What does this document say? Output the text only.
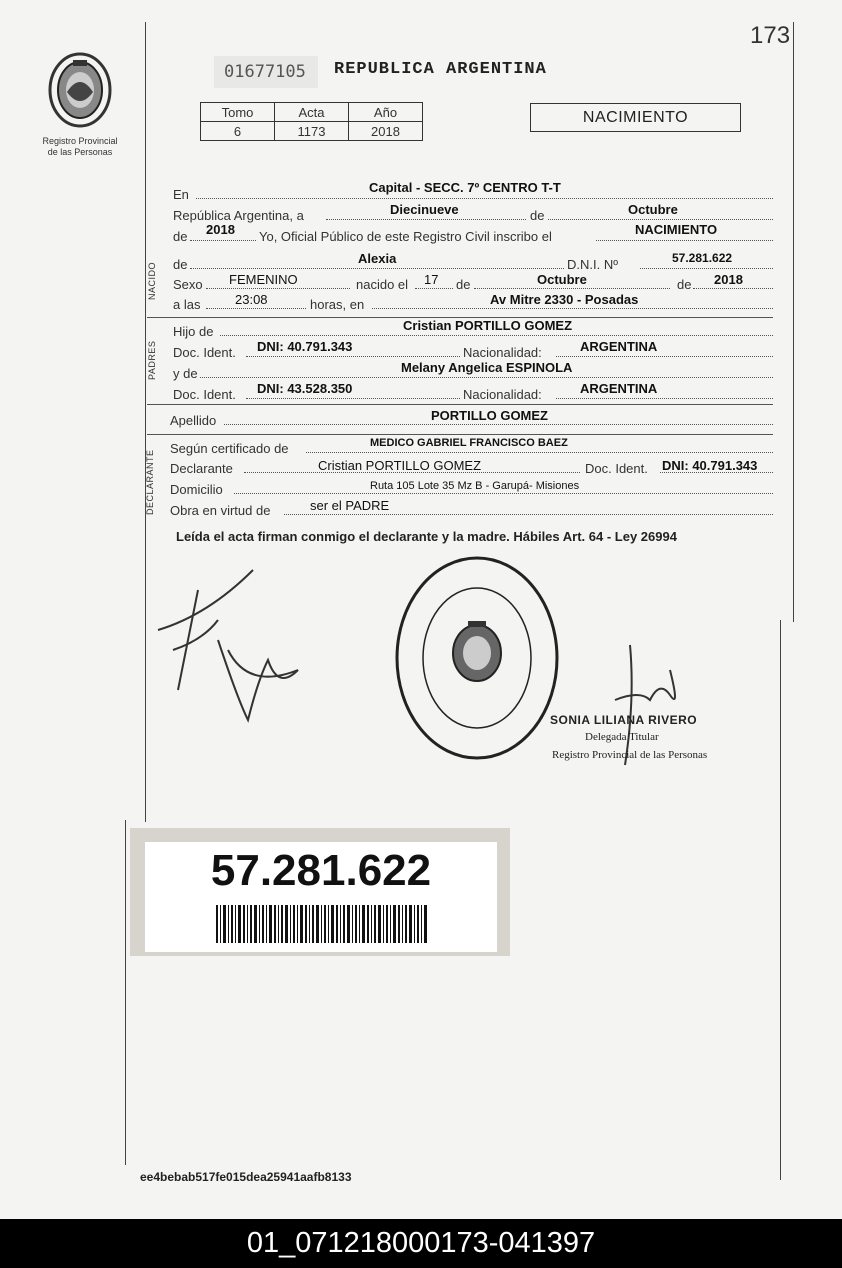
173
Registro Provincial
de las Personas
01677105 REPUBLICA ARGENTINA
Tomo	Acta	Año
6	1173	2018
NACIMIENTO
En	Capital - SECC. 7º CENTRO T-T
República Argentina, a	Diecinueve	de	Octubre
de 2018 Yo, Oficial Público de este Registro Civil inscribo el	NACIMIENTO
NACIDO de	Alexia	D.N.I. Nº	57.281.622
Sexo FEMENINO	nacido el 17 de	Octubre	de 2018
a las	23:08	horas, en	Av Mitre 2330 - Posadas
PADRES
Hijo de	Cristian PORTILLO GOMEZ
Doc. Ident. DNI: 40.791.343	Nacionalidad:	ARGENTINA
y de	Melany Angelica ESPINOLA
Doc. Ident. DNI: 43.528.350	Nacionalidad:	ARGENTINA
Apellido	PORTILLO GOMEZ
DECLARANTE
Según certificado de	MEDICO GABRIEL FRANCISCO BAEZ
Declarante	Cristian PORTILLO GOMEZ	Doc. Ident. DNI: 40.791.343
Domicilio	Ruta 105 Lote 35 Mz B - Garupá- Misiones
Obra en virtud de	ser el PADRE
Leída el acta firman conmigo el declarante y la madre. Hábiles Art. 64 - Ley 26994
SONIA LILIANA RIVERO
Delegada Titular
Registro Provincial de las Personas
57.281.622
ee4bebab517fe015dea25941aafb8133
01_071218000173-041397
